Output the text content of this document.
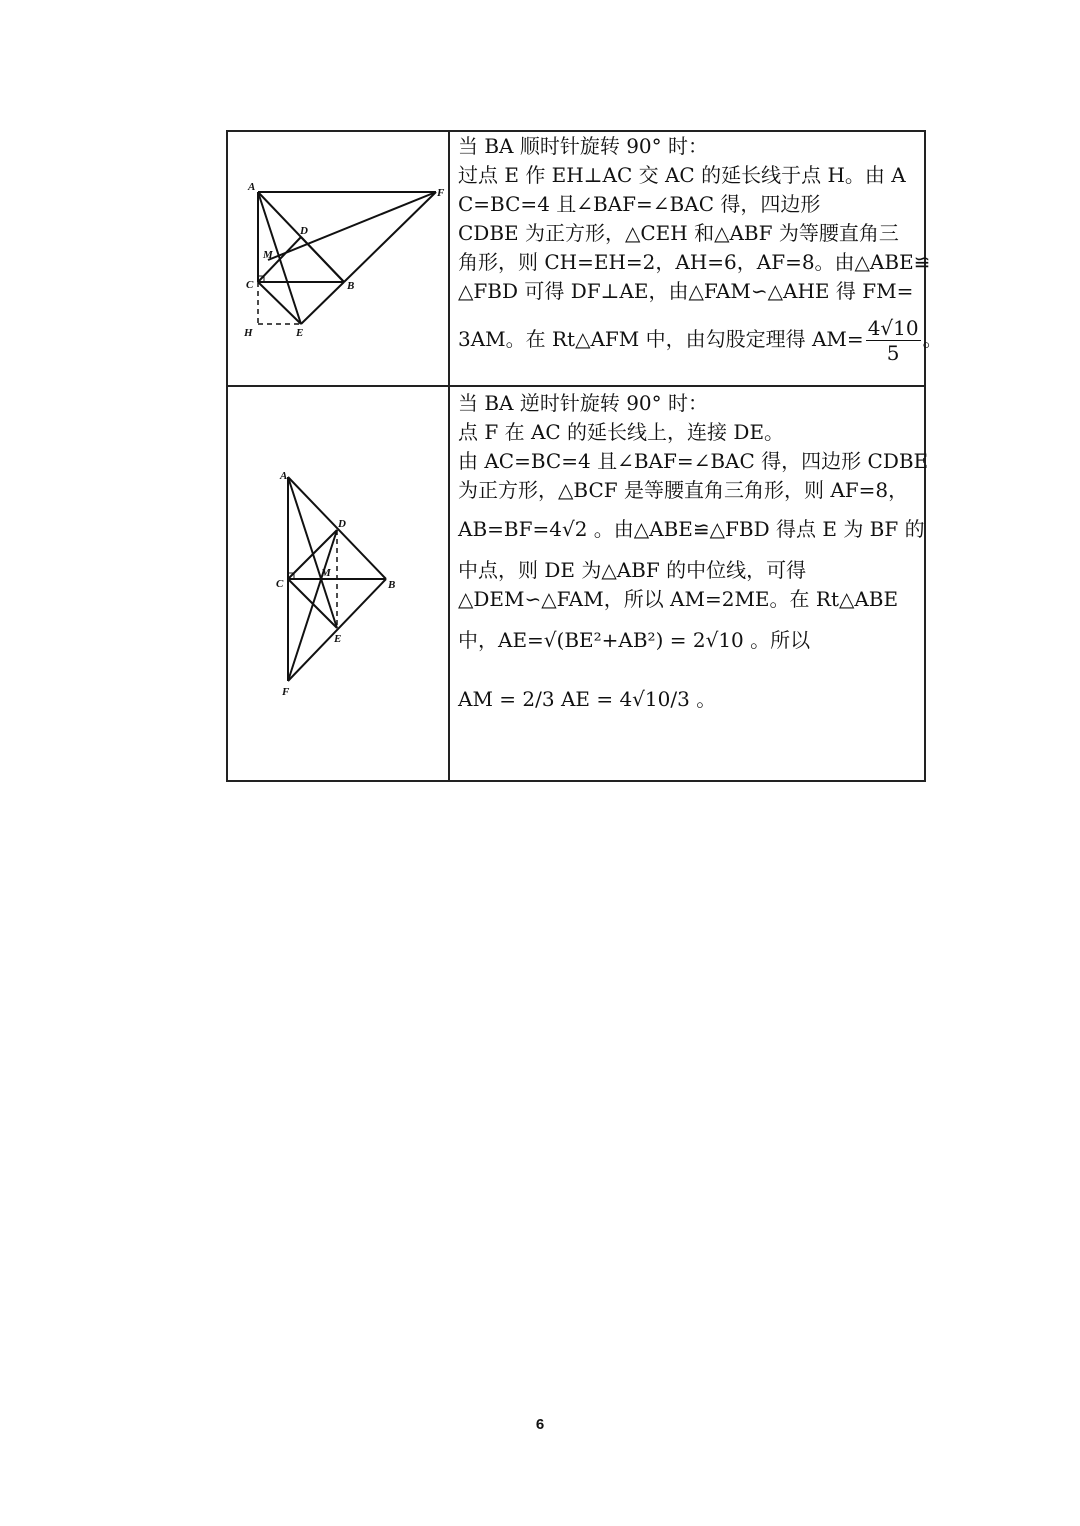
A	F
D
M
C	B
H	E
当 BA 顺时针旋转 90° 时：
过点 E 作 EH⊥AC 交 AC 的延长线于点 H。由 A
C=BC=4 且∠BAF=∠BAC 得，四边形
CDBE 为正方形，△CEH 和△ABF 为等腰直角三
角形，则 CH=EH=2，AH=6，AF=8。由△ABE≌
△FBD 可得 DF⊥AE，由△FAM∽△AHE 得 FM=
3AM。在 Rt△AFM 中，由勾股定理得 $AM= \frac{4√10}{5}$ 。
A
D
C
M
B
E
F
当 BA 逆时针旋转 90° 时：
点 F 在 AC 的延长线上，连接 DE。
由 AC=BC=4 且∠BAF=∠BAC 得，四边形 CDBE
为正方形，△BCF 是等腰直角三角形，则 AF=8，
AB=BF=4√2 。由△ABE≌△FBD 得点 E 为 BF 的
中点，则 DE 为△ABF 的中位线，可得
△DEM∽△FAM，所以 AM=2ME。在 Rt△ABE
中，AE=√(BE²+AB²) = 2√10 。所以
AM = 2/3 AE = 4√10/3 。
6
